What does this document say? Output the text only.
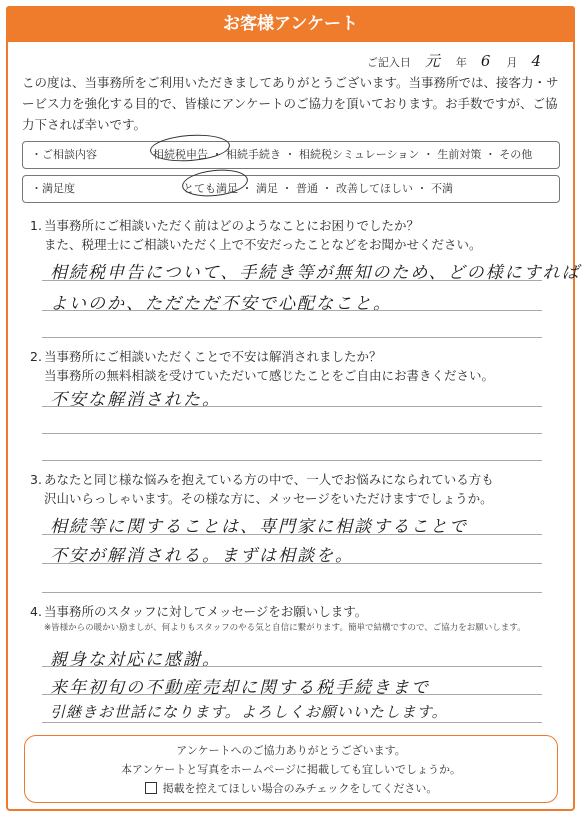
お客様アンケート
ご記入日 元 年 6 月 4
この度は、当事務所をご利用いただきましてありがとうございます。当事務所では、接客力・サービス力を強化する目的で、皆様にアンケートのご協力を頂いております。お手数ですが、ご協力下されば幸いです。
・ご相談内容	相続税申告 ・ 相続手続き ・ 相続税シミュレーション ・ 生前対策 ・ その他
・満足度	とても満足 ・ 満足 ・ 普通 ・ 改善してほしい ・ 不満
1. 当事務所にご相談いただく前はどのようなことにお困りでしたか？
また、税理士にご相談いただく上で不安だったことなどをお聞かせください。
相続税申告について、手続き等が無知のため、どの様にすれば
よいのか、ただただ不安で心配なこと。
2. 当事務所にご相談いただくことで不安は解消されましたか？
当事務所の無料相談を受けていただいて感じたことをご自由にお書きください。
不安な解消された。
3. あなたと同じ様な悩みを抱えている方の中で、一人でお悩みになられている方も
沢山いらっしゃいます。その様な方に、メッセージをいただけますでしょうか。
相続等に関することは、専門家に相談することで
不安が解消される。まずは相談を。
4. 当事務所のスタッフに対してメッセージをお願いします。
※皆様からの暖かい励ましが、何よりもスタッフのやる気と自信に繋がります。簡単で結構ですので、ご協力をお願いします。
親身な対応に感謝。
来年初旬の不動産売却に関する税手続きまで
引継きお世話になります。よろしくお願いいたします。
アンケートへのご協力ありがとうございます。
本アンケートと写真をホームページに掲載しても宜しいでしょうか。
掲載を控えてほしい場合のみチェックをしてください。
